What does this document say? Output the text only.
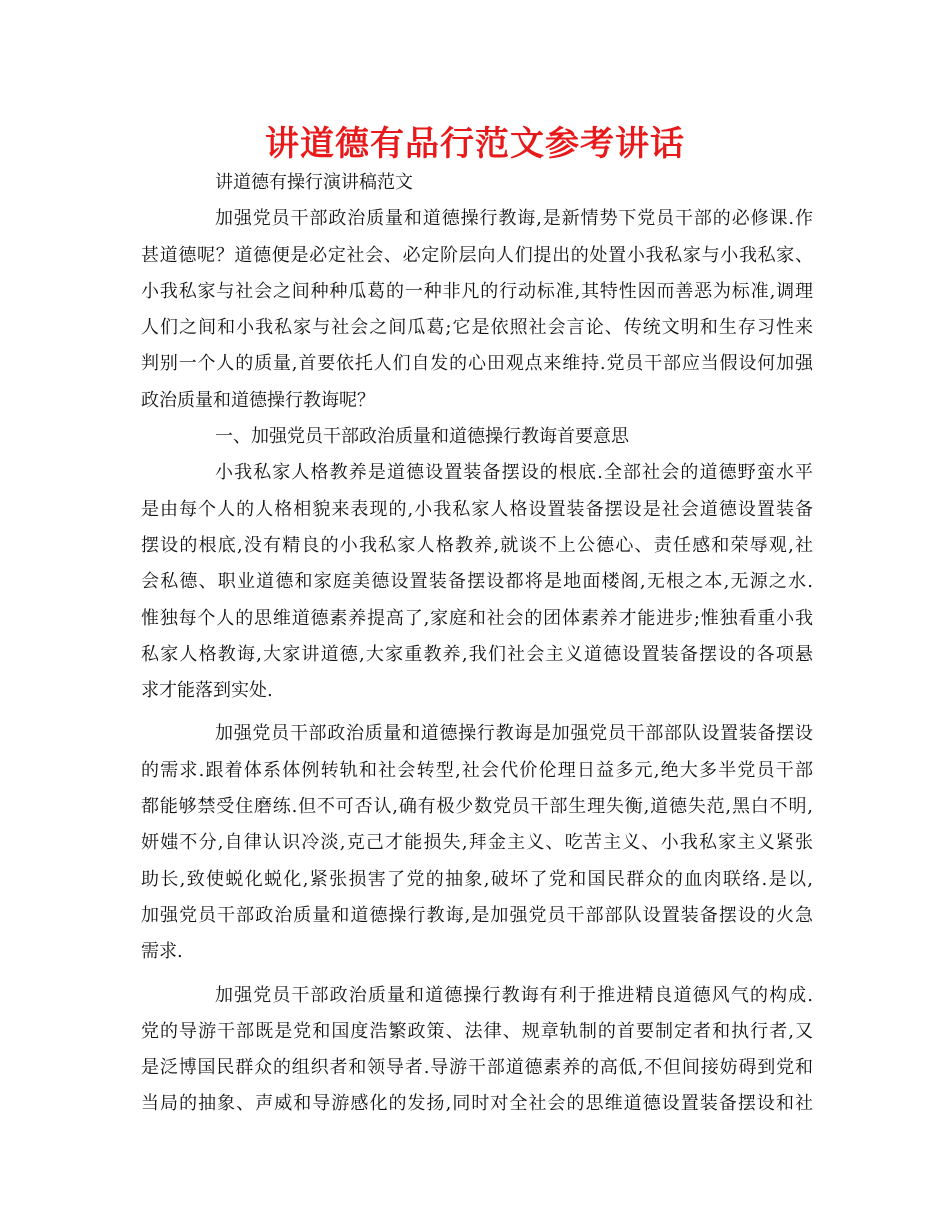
讲道德有品行范文参考讲话
讲道德有操行演讲稿范文
加强党员干部政治质量和道德操行教诲,是新情势下党员干部的必修课.作
甚道德呢？道德便是必定社会、必定阶层向人们提出的处置小我私家与小我私家、
小我私家与社会之间种种瓜葛的一种非凡的行动标准,其特性因而善恶为标准,调理
人们之间和小我私家与社会之间瓜葛;它是依照社会言论、传统文明和生存习性来
判别一个人的质量,首要依托人们自发的心田观点来维持.党员干部应当假设何加强
政治质量和道德操行教诲呢？
一、加强党员干部政治质量和道德操行教诲首要意思
小我私家人格教养是道德设置装备摆设的根底.全部社会的道德野蛮水平
是由每个人的人格相貌来表现的,小我私家人格设置装备摆设是社会道德设置装备
摆设的根底,没有精良的小我私家人格教养,就谈不上公德心、责任感和荣辱观,社
会私德、职业道德和家庭美德设置装备摆设都将是地面楼阁,无根之本,无源之水.
惟独每个人的思维道德素养提高了,家庭和社会的团体素养才能进步;惟独看重小我
私家人格教诲,大家讲道德,大家重教养,我们社会主义道德设置装备摆设的各项悬
求才能落到实处.
加强党员干部政治质量和道德操行教诲是加强党员干部部队设置装备摆设
的需求.跟着体系体例转轨和社会转型,社会代价伦理日益多元,绝大多半党员干部
都能够禁受住磨练.但不可否认,确有极少数党员干部生理失衡,道德失范,黑白不明,
妍媸不分,自律认识冷淡,克己才能损失,拜金主义、吃苦主义、小我私家主义紧张
助长,致使蜕化蜕化,紧张损害了党的抽象,破坏了党和国民群众的血肉联络.是以,
加强党员干部政治质量和道德操行教诲,是加强党员干部部队设置装备摆设的火急
需求.
加强党员干部政治质量和道德操行教诲有利于推进精良道德风气的构成.
党的导游干部既是党和国度浩繁政策、法律、规章轨制的首要制定者和执行者,又
是泛博国民群众的组织者和领导者.导游干部道德素养的高低,不但间接妨碍到党和
当局的抽象、声威和导游感化的发扬,同时对全社会的思维道德设置装备摆设和社
